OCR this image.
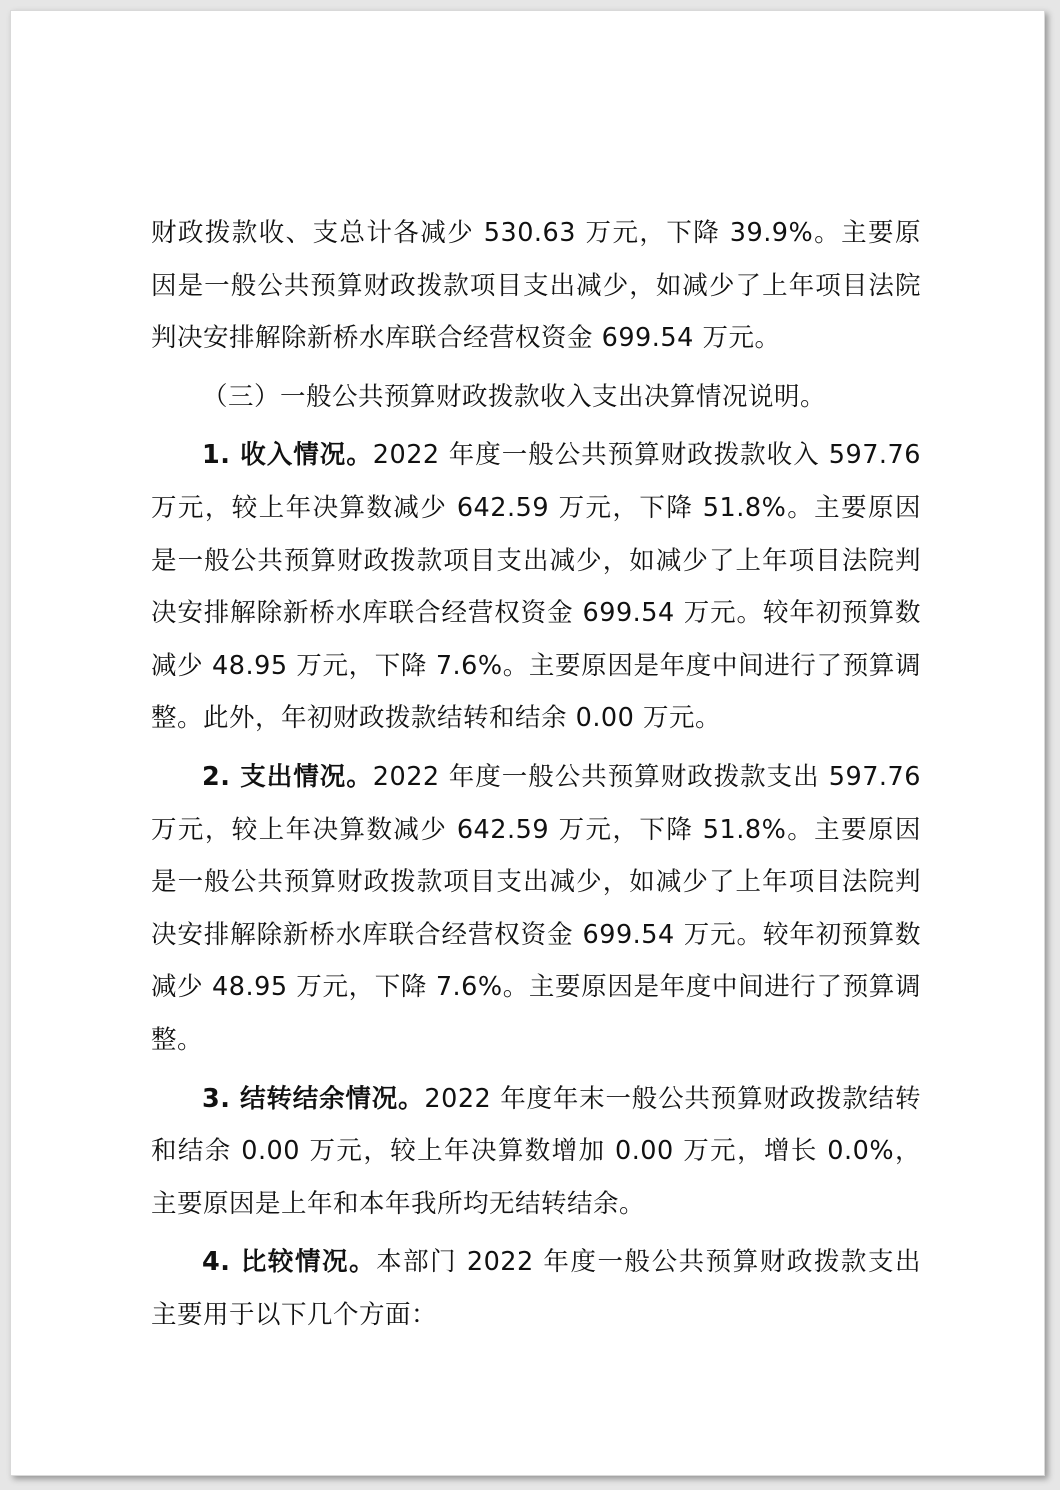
财政拨款收、支总计各减少 530.63 万元，下降 39.9%。主要原因是一般公共预算财政拨款项目支出减少，如减少了上年项目法院判决安排解除新桥水库联合经营权资金 699.54 万元。

（三）一般公共预算财政拨款收入支出决算情况说明。

1. 收入情况。2022 年度一般公共预算财政拨款收入 597.76 万元，较上年决算数减少 642.59 万元，下降 51.8%。主要原因是一般公共预算财政拨款项目支出减少，如减少了上年项目法院判决安排解除新桥水库联合经营权资金 699.54 万元。较年初预算数减少 48.95 万元，下降 7.6%。主要原因是年度中间进行了预算调整。此外，年初财政拨款结转和结余 0.00 万元。

2. 支出情况。2022 年度一般公共预算财政拨款支出 597.76 万元，较上年决算数减少 642.59 万元，下降 51.8%。主要原因是一般公共预算财政拨款项目支出减少，如减少了上年项目法院判决安排解除新桥水库联合经营权资金 699.54 万元。较年初预算数减少 48.95 万元，下降 7.6%。主要原因是年度中间进行了预算调整。

3. 结转结余情况。2022 年度年末一般公共预算财政拨款结转和结余 0.00 万元，较上年决算数增加 0.00 万元，增长 0.0%，主要原因是上年和本年我所均无结转结余。

4. 比较情况。本部门 2022 年度一般公共预算财政拨款支出主要用于以下几个方面：
